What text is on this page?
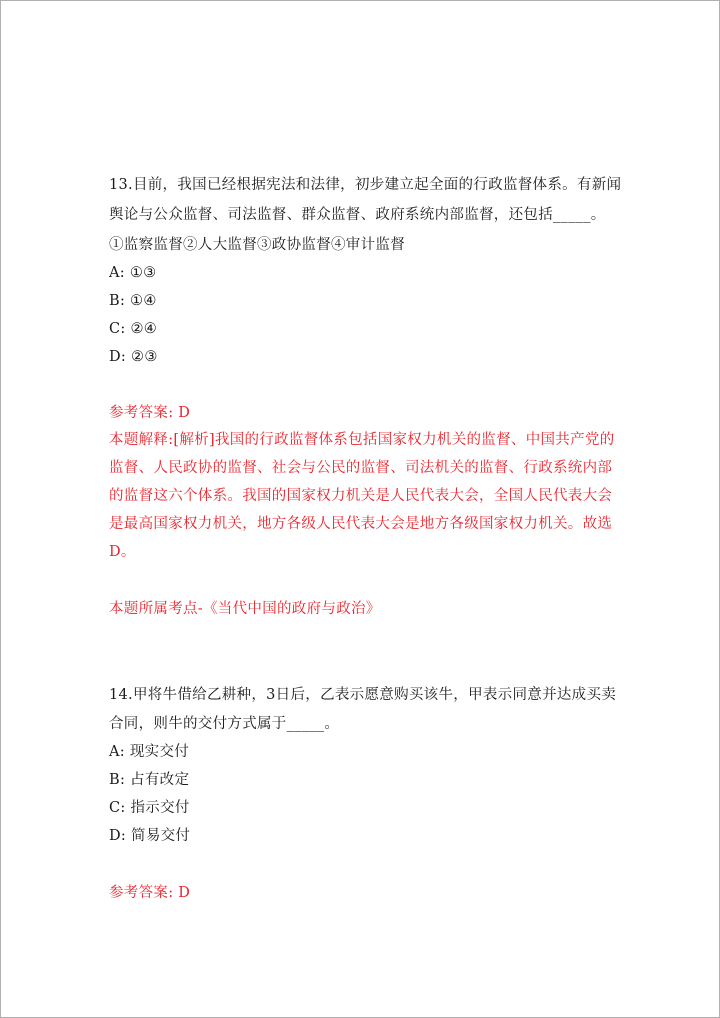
13.目前，我国已经根据宪法和法律，初步建立起全面的行政监督体系。有新闻
舆论与公众监督、司法监督、群众监督、政府系统内部监督，还包括_____。
①监察监督②人大监督③政协监督④审计监督
A: ①③
B: ①④
C: ②④
D: ②③
参考答案: D
本题解释:[解析]我国的行政监督体系包括国家权力机关的监督、中国共产党的
监督、人民政协的监督、社会与公民的监督、司法机关的监督、行政系统内部
的监督这六个体系。我国的国家权力机关是人民代表大会，全国人民代表大会
是最高国家权力机关，地方各级人民代表大会是地方各级国家权力机关。故选
D。
本题所属考点-《当代中国的政府与政治》
14.甲将牛借给乙耕种，3日后，乙表示愿意购买该牛，甲表示同意并达成买卖
合同，则牛的交付方式属于_____。
A: 现实交付
B: 占有改定
C: 指示交付
D: 简易交付
参考答案: D
